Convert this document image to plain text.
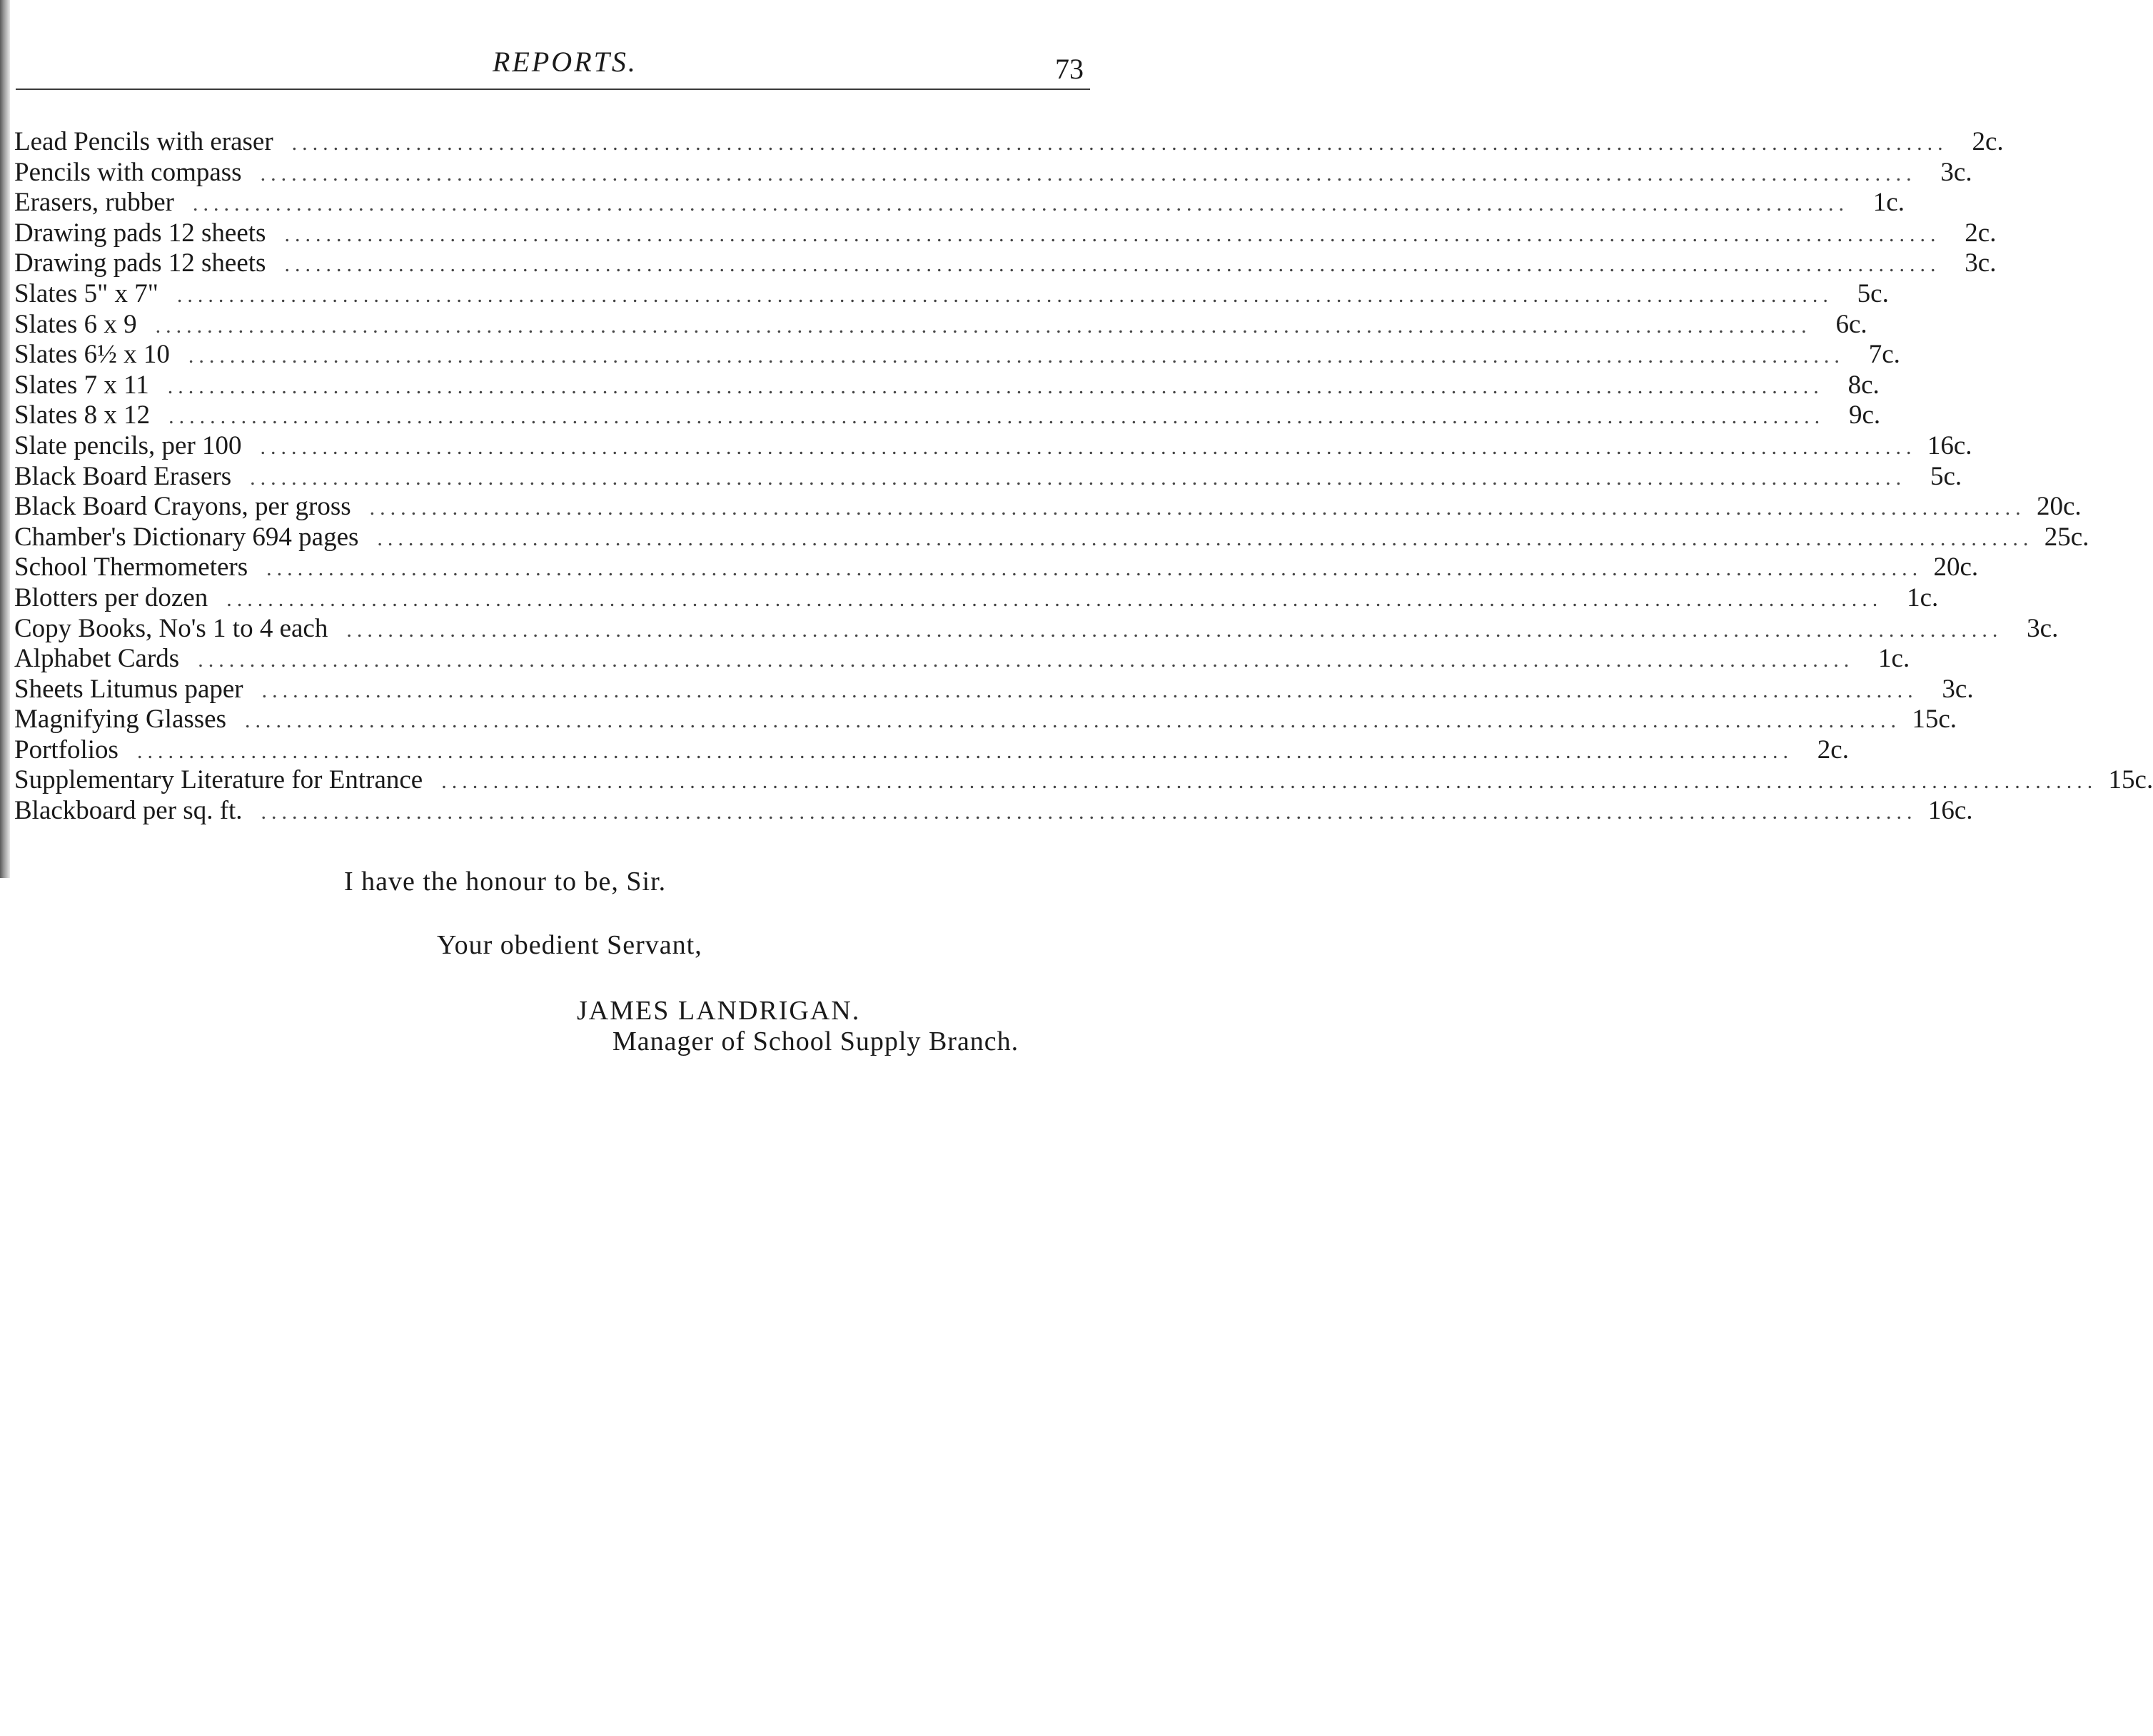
REPORTS.	73
Lead Pencils with eraser ................................................................................................................................................................ 2c.
Pencils with compass ................................................................................................................................................................ 3c.
Erasers, rubber ................................................................................................................................................................ 1c.
Drawing pads 12 sheets ................................................................................................................................................................ 2c.
Drawing pads 12 sheets ................................................................................................................................................................ 3c.
Slates 5" x 7" ................................................................................................................................................................ 5c.
Slates 6 x 9 ................................................................................................................................................................ 6c.
Slates 6½ x 10 ................................................................................................................................................................ 7c.
Slates 7 x 11 ................................................................................................................................................................ 8c.
Slates 8 x 12 ................................................................................................................................................................ 9c.
Slate pencils, per 100 ................................................................................................................................................................ 16c.
Black Board Erasers ................................................................................................................................................................ 5c.
Black Board Crayons, per gross ................................................................................................................................................................ 20c.
Chamber's Dictionary 694 pages ................................................................................................................................................................ 25c.
School Thermometers ................................................................................................................................................................ 20c.
Blotters per dozen ................................................................................................................................................................ 1c.
Copy Books, No's 1 to 4 each ................................................................................................................................................................ 3c.
Alphabet Cards ................................................................................................................................................................ 1c.
Sheets Litumus paper ................................................................................................................................................................ 3c.
Magnifying Glasses ................................................................................................................................................................ 15c.
Portfolios ................................................................................................................................................................ 2c.
Supplementary Literature for Entrance ................................................................................................................................................................ 15c.
Blackboard per sq. ft. ................................................................................................................................................................ 16c.
I have the honour to be, Sir.
Your obedient Servant,
JAMES LANDRIGAN.
Manager of School Supply Branch.
